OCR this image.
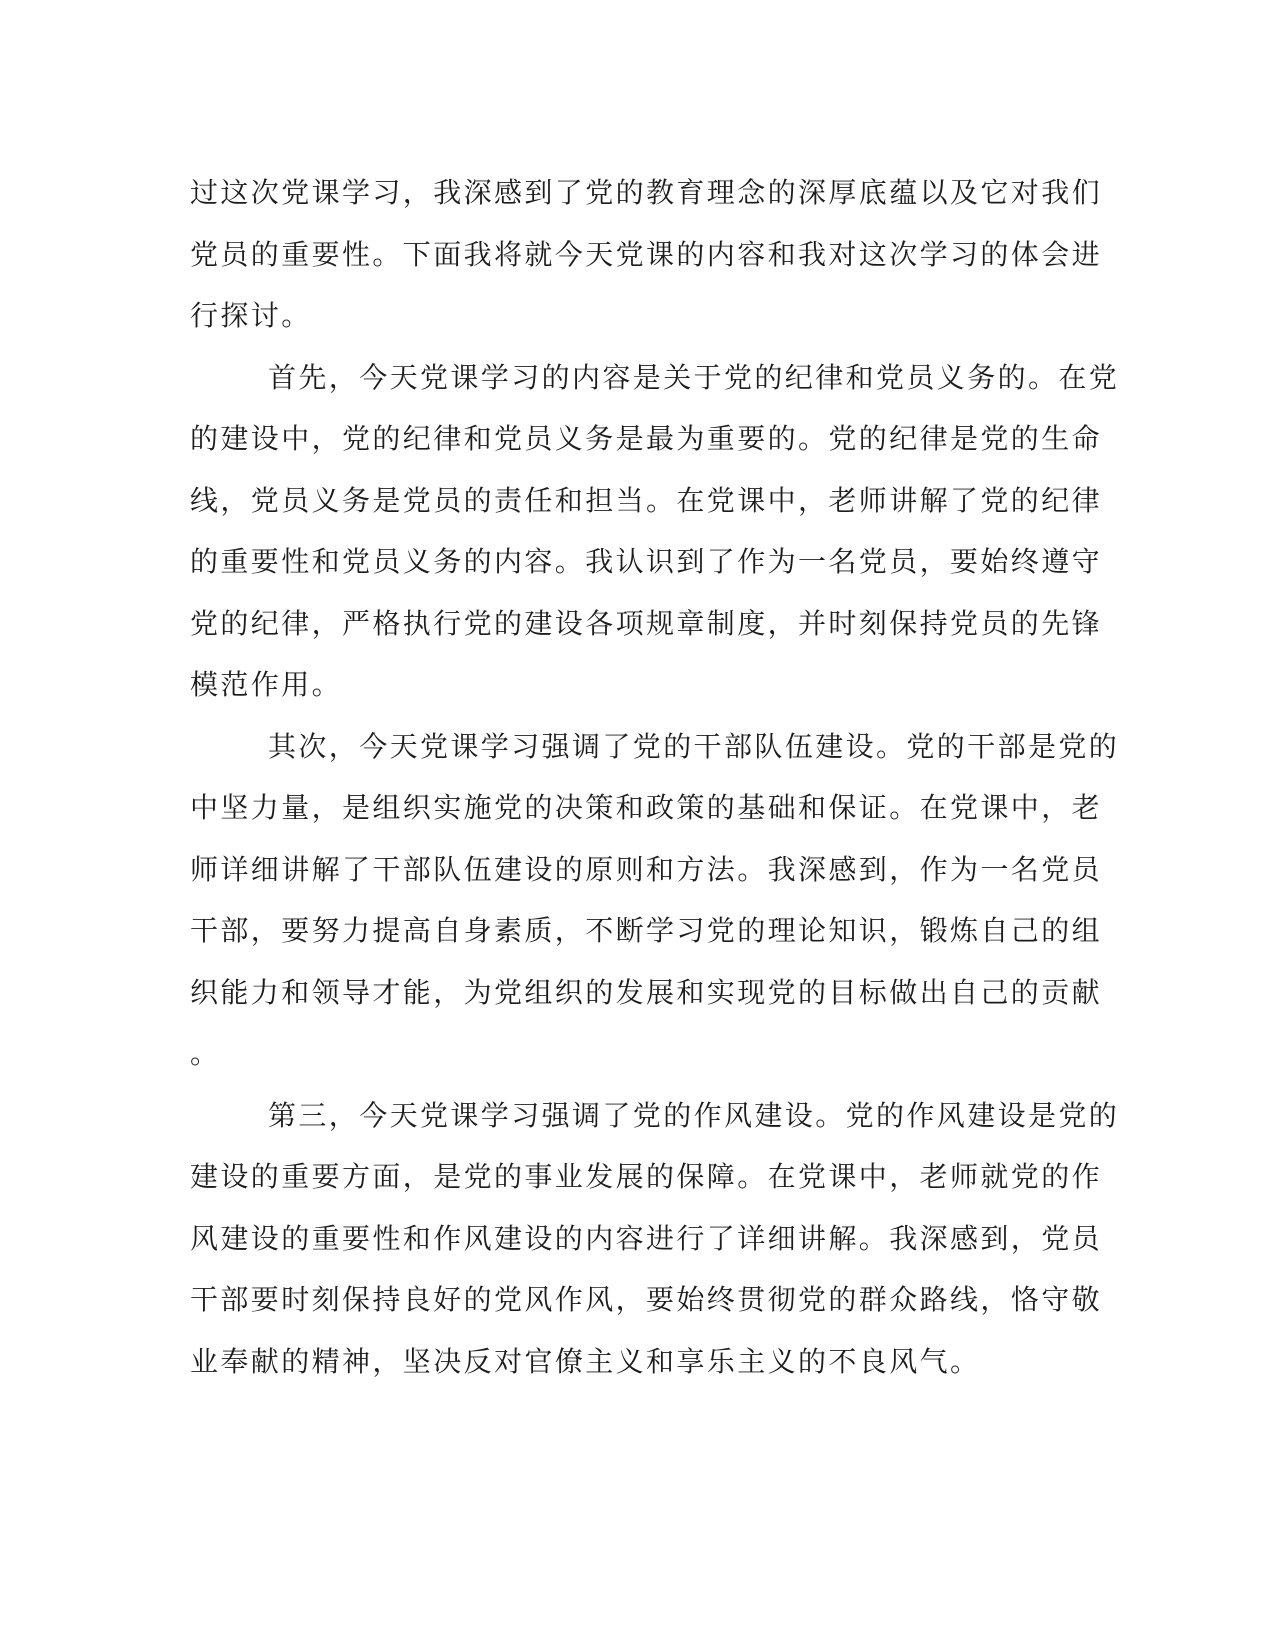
过这次党课学习，我深感到了党的教育理念的深厚底蕴以及它对我们
党员的重要性。下面我将就今天党课的内容和我对这次学习的体会进
行探讨。
首先，今天党课学习的内容是关于党的纪律和党员义务的。在党
的建设中，党的纪律和党员义务是最为重要的。党的纪律是党的生命
线，党员义务是党员的责任和担当。在党课中，老师讲解了党的纪律
的重要性和党员义务的内容。我认识到了作为一名党员，要始终遵守
党的纪律，严格执行党的建设各项规章制度，并时刻保持党员的先锋
模范作用。
其次，今天党课学习强调了党的干部队伍建设。党的干部是党的
中坚力量，是组织实施党的决策和政策的基础和保证。在党课中，老
师详细讲解了干部队伍建设的原则和方法。我深感到，作为一名党员
干部，要努力提高自身素质，不断学习党的理论知识，锻炼自己的组
织能力和领导才能，为党组织的发展和实现党的目标做出自己的贡献
。
第三，今天党课学习强调了党的作风建设。党的作风建设是党的
建设的重要方面，是党的事业发展的保障。在党课中，老师就党的作
风建设的重要性和作风建设的内容进行了详细讲解。我深感到，党员
干部要时刻保持良好的党风作风，要始终贯彻党的群众路线，恪守敬
业奉献的精神，坚决反对官僚主义和享乐主义的不良风气。
